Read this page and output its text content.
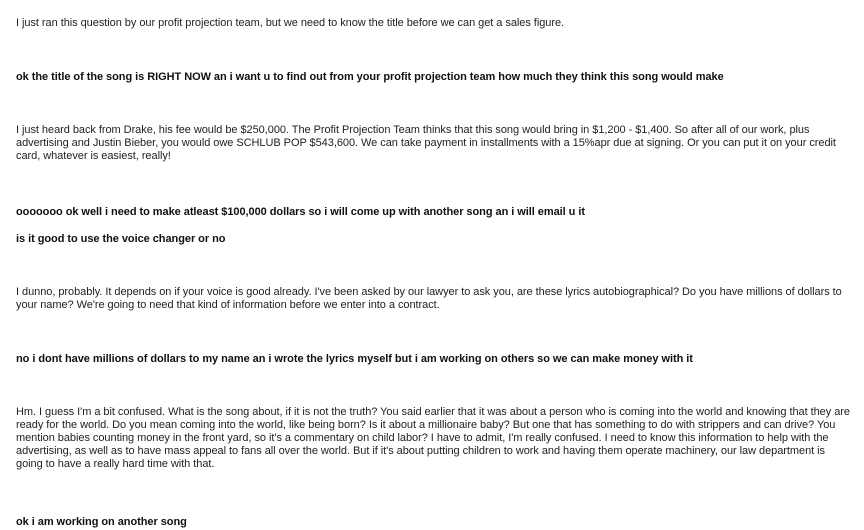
I just ran this question by our profit projection team, but we need to know the title before we can get a sales figure.

ok the title of the song is RIGHT NOW an i want u to find out from your profit projection team how much they think this song would make

I just heard back from Drake, his fee would be $250,000. The Profit Projection Team thinks that this song would bring in $1,200 - $1,400. So after all of our work, plus advertising and Justin Bieber, you would owe SCHLUB POP $543,600. We can take payment in installments with a 15%apr due at signing. Or you can put it on your credit card, whatever is easiest, really!

ooooooo ok well i need to make atleast $100,000 dollars so i will come up with another song an i will email u it

is it good to use the voice changer or no

I dunno, probably. It depends on if your voice is good already. I've been asked by our lawyer to ask you, are these lyrics autobiographical? Do you have millions of dollars to your name? We're going to need that kind of information before we enter into a contract.

no i dont have millions of dollars to my name an i wrote the lyrics myself but i am working on others so we can make money with it

Hm. I guess I'm a bit confused. What is the song about, if it is not the truth? You said earlier that it was about a person who is coming into the world and knowing that they are ready for the world. Do you mean coming into the world, like being born? Is it about a millionaire baby? But one that has something to do with strippers and can drive? You mention babies counting money in the front yard, so it's a commentary on child labor? I have to admit, I'm really confused. I need to know this information to help with the advertising, as well as to have mass appeal to fans all over the world. But if it's about putting children to work and having them operate machinery, our law department is going to have a really hard time with that.

ok i am working on another song
